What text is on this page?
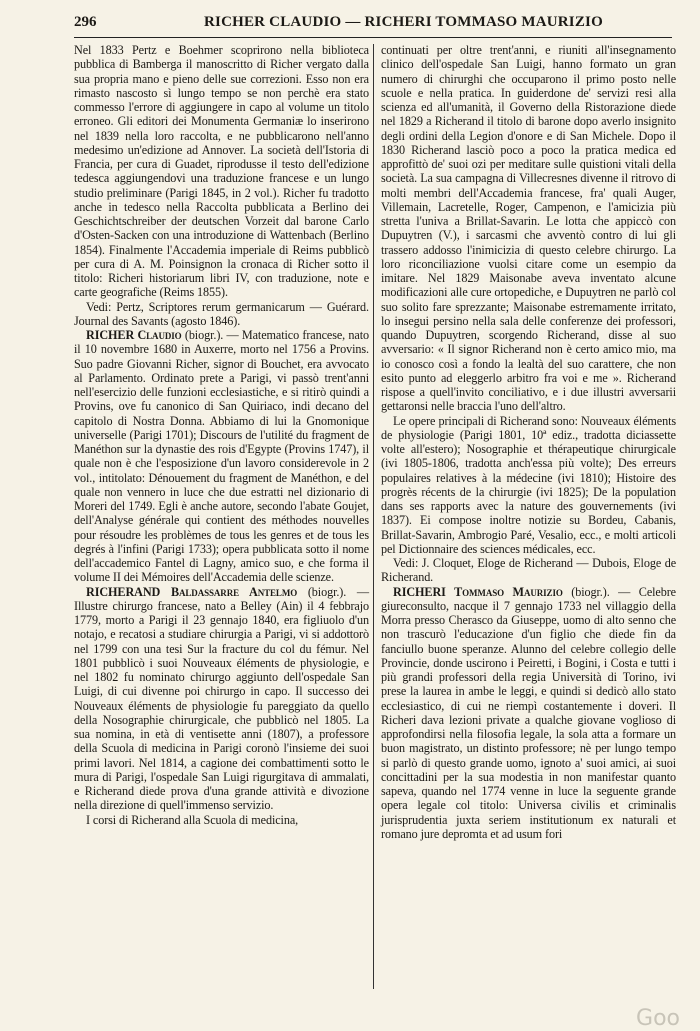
296	RICHER CLAUDIO — RICHERI TOMMASO MAURIZIO

Nel 1833 Pertz e Boehmer scoprirono nella biblioteca pubblica di Bamberga il manoscritto di Richer vergato dalla sua propria mano e pieno delle sue correzioni. Esso non era rimasto nascosto sì lungo tempo se non perchè era stato commesso l'errore di aggiungere in capo al volume un titolo erroneo. Gli editori dei Monumenta Germaniæ lo inserirono nel 1839 nella loro raccolta, e ne pubblicarono nell'anno medesimo un'edizione ad Annover. La società dell'Istoria di Francia, per cura di Guadet, riprodusse il testo dell'edizione tedesca aggiungendovi una traduzione francese e un lungo studio preliminare (Parigi 1845, in 2 vol.). Richer fu tradotto anche in tedesco nella Raccolta pubblicata a Berlino dei Geschichtschreiber der deutschen Vorzeit dal barone Carlo d'Osten-Sacken con una introduzione di Wattenbach (Berlino 1854). Finalmente l'Accademia imperiale di Reims pubblicò per cura di A. M. Poinsignon la cronaca di Richer sotto il titolo: Richeri historiarum libri IV, con traduzione, note e carte geografiche (Reims 1855).

Vedi: Pertz, Scriptores rerum germanicarum — Guérard. Journal des Savants (agosto 1846).

RICHER Claudio (biogr.). — Matematico francese, nato il 10 novembre 1680 in Auxerre, morto nel 1756 a Provins. Suo padre Giovanni Richer, signor di Bouchet, era avvocato al Parlamento. Ordinato prete a Parigi, vi passò trent'anni nell'esercizio delle funzioni ecclesiastiche, e si ritirò quindi a Provins, ove fu canonico di San Quiriaco, indi decano del capitolo di Nostra Donna. Abbiamo di lui la Gnomonique universelle (Parigi 1701); Discours de l'utilité du fragment de Manéthon sur la dynastie des rois d'Egypte (Provins 1747), il quale non è che l'esposizione d'un lavoro considerevole in 2 vol., intitolato: Dénouement du fragment de Manéthon, e del quale non vennero in luce che due estratti nel dizionario di Moreri del 1749. Egli è anche autore, secondo l'abate Goujet, dell'Analyse générale qui contient des méthodes nouvelles pour résoudre les problèmes de tous les genres et de tous les degrés à l'infini (Parigi 1733); opera pubblicata sotto il nome dell'accademico Fantel di Lagny, amico suo, e che forma il volume II dei Mémoires dell'Accademia delle scienze.

RICHERAND Baldassarre Antelmo (biogr.). — Illustre chirurgo francese, nato a Belley (Ain) il 4 febbrajo 1779, morto a Parigi il 23 gennajo 1840, era figliuolo d'un notajo, e recatosi a studiare chirurgia a Parigi, vi si addottorò nel 1799 con una tesi Sur la fracture du col du fémur. Nel 1801 pubblicò i suoi Nouveaux éléments de physiologie, e nel 1802 fu nominato chirurgo aggiunto dell'ospedale San Luigi, di cui divenne poi chirurgo in capo. Il successo dei Nouveaux éléments de physiologie fu pareggiato da quello della Nosographie chirurgicale, che pubblicò nel 1805. La sua nomina, in età di ventisette anni (1807), a professore della Scuola di medicina in Parigi coronò l'insieme dei suoi primi lavori. Nel 1814, a cagione dei combattimenti sotto le mura di Parigi, l'ospedale San Luigi rigurgitava di ammalati, e Richerand diede prova d'una grande attività e divozione nella direzione di quell'immenso servizio.

I corsi di Richerand alla Scuola di medicina,

continuati per oltre trent'anni, e riuniti all'insegnamento clinico dell'ospedale San Luigi, hanno formato un gran numero di chirurghi che occuparono il primo posto nelle scuole e nella pratica. In guiderdone de' servizi resi alla scienza ed all'umanità, il Governo della Ristorazione diede nel 1829 a Richerand il titolo di barone dopo averlo insignito degli ordini della Legion d'onore e di San Michele. Dopo il 1830 Richerand lasciò poco a poco la pratica medica ed approfittò de' suoi ozi per meditare sulle quistioni vitali della società. La sua campagna di Villecresnes divenne il ritrovo di molti membri dell'Accademia francese, fra' quali Auger, Villemain, Lacretelle, Roger, Campenon, e l'amicizia più stretta l'univa a Brillat-Savarin. Le lotta che appiccò con Dupuytren (V.), i sarcasmi che avventò contro di lui gli trassero addosso l'inimicizia di questo celebre chirurgo. La loro riconciliazione vuolsi citare come un esempio da imitare. Nel 1829 Maisonabe aveva inventato alcune modificazioni alle cure ortopediche, e Dupuytren ne parlò col suo solito fare sprezzante; Maisonabe estremamente irritato, lo insegui persino nella sala delle conferenze dei professori, quando Dupuytren, scorgendo Richerand, disse al suo avversario: « Il signor Richerand non è certo amico mio, ma io conosco così a fondo la lealtà del suo carattere, che non esito punto ad eleggerlo arbitro fra voi e me ». Richerand rispose a quell'invito conciliativo, e i due illustri avversarii gettaronsi nelle braccia l'uno dell'altro.

Le opere principali di Richerand sono: Nouveaux éléments de physiologie (Parigi 1801, 10ª ediz., tradotta diciassette volte all'estero); Nosographie et thérapeutique chirurgicale (ivi 1805-1806, tradotta anch'essa più volte); Des erreurs populaires relatives à la médecine (ivi 1810); Histoire des progrès récents de la chirurgie (ivi 1825); De la population dans ses rapports avec la nature des gouvernements (ivi 1837). Ei compose inoltre notizie su Bordeu, Cabanis, Brillat-Savarin, Ambrogio Paré, Vesalio, ecc., e molti articoli pel Dictionnaire des sciences médicales, ecc.

Vedi: J. Cloquet, Eloge de Richerand — Dubois, Eloge de Richerand.

RICHERI Tommaso Maurizio (biogr.). — Celebre giureconsulto, nacque il 7 gennajo 1733 nel villaggio della Morra presso Cherasco da Giuseppe, uomo di alto senno che non trascurò l'educazione d'un figlio che diede fin da fanciullo buone speranze. Alunno del celebre collegio delle Provincie, donde uscirono i Peiretti, i Bogini, i Costa e tutti i più grandi professori della regia Università di Torino, ivi prese la laurea in ambe le leggi, e quindi si dedicò allo stato ecclesiastico, di cui ne riempì costantemente i doveri. Il Richeri dava lezioni private a qualche giovane voglioso di approfondirsi nella filosofia legale, la sola atta a formare un buon magistrato, un distinto professore; nè per lungo tempo si parlò di questo grande uomo, ignoto a' suoi amici, ai suoi concittadini per la sua modestia in non manifestar quanto sapeva, quando nel 1774 venne in luce la seguente grande opera legale col titolo: Universa civilis et criminalis jurisprudentia juxta seriem institutionum ex naturali et romano jure depromta et ad usum fori

Goo
